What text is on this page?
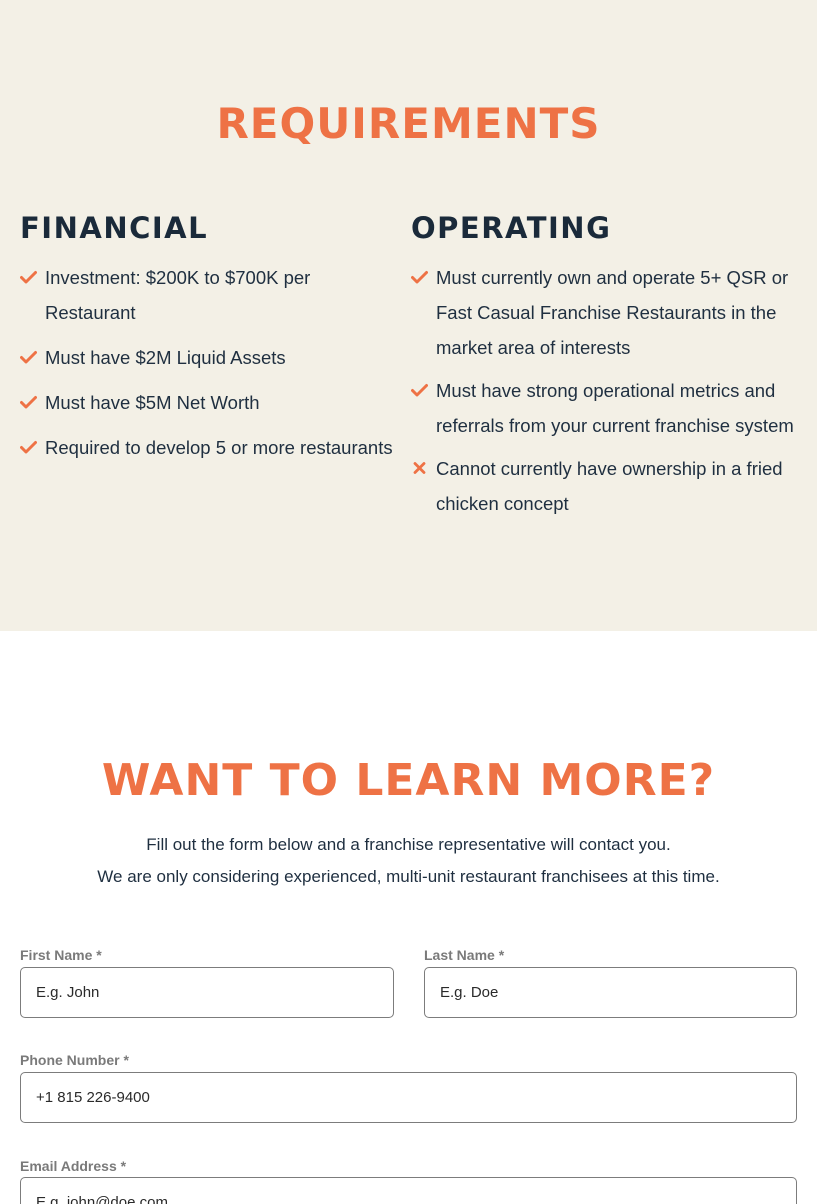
REQUIREMENTS
FINANCIAL
Investment: $200K to $700K per Restaurant
Must have $2M Liquid Assets
Must have $5M Net Worth
Required to develop 5 or more restaurants
OPERATING
Must currently own and operate 5+ QSR or Fast Casual Franchise Restaurants in the market area of interests
Must have strong operational metrics and referrals from your current franchise system
Cannot currently have ownership in a fried chicken concept
WANT TO LEARN MORE?

Fill out the form below and a franchise representative will contact you.

We are only considering experienced, multi-unit restaurant franchisees at this time.

First Name *
E.g. John	Last Name *
E.g. Doe
Phone Number *
+1 815 226-9400
Email Address *
E.g. john@doe.com
